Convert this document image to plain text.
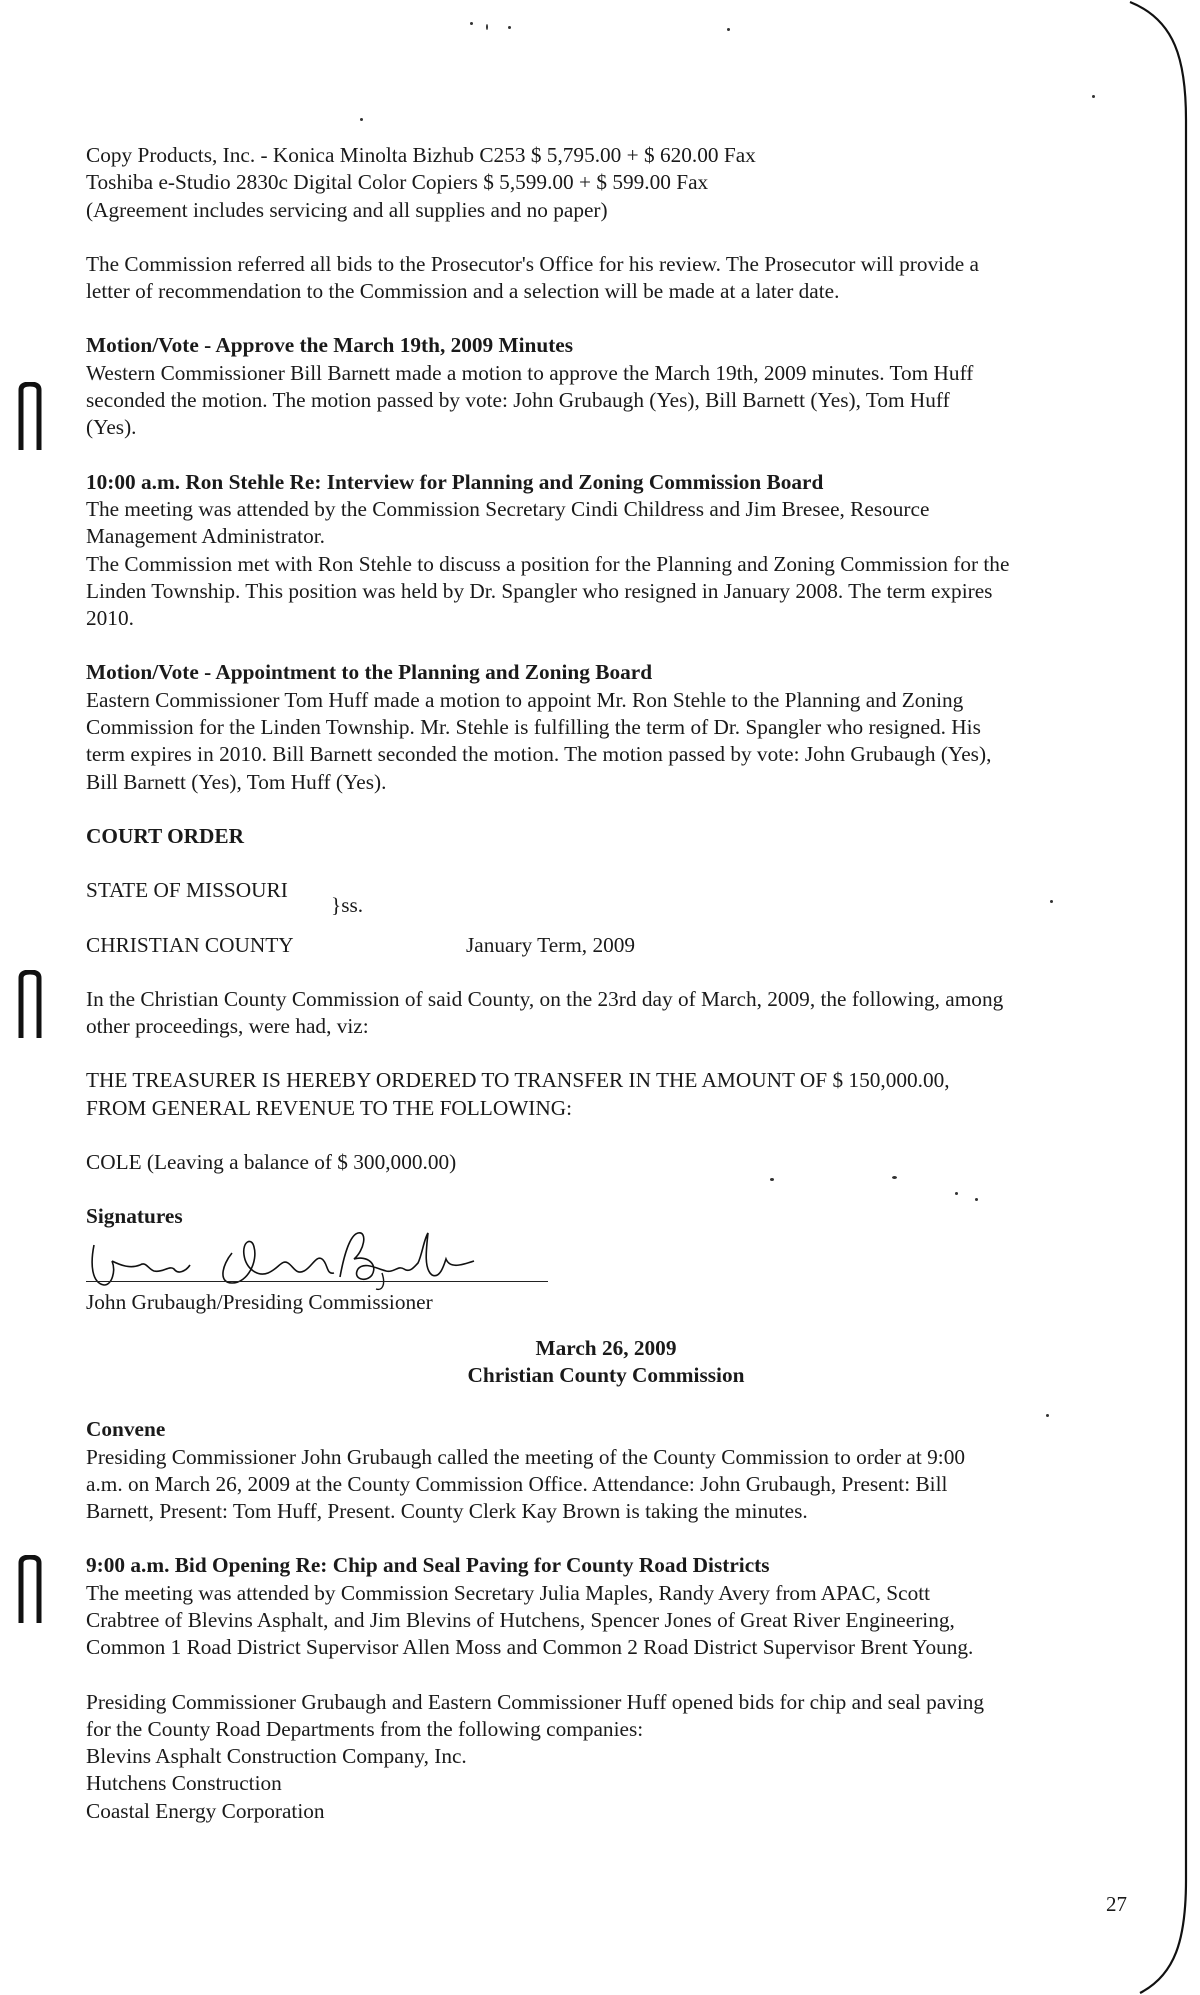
Copy Products, Inc. - Konica Minolta Bizhub C253 $ 5,795.00 + $ 620.00 Fax

Toshiba e-Studio 2830c Digital Color Copiers $ 5,599.00 + $ 599.00 Fax

(Agreement includes servicing and all supplies and no paper)

The Commission referred all bids to the Prosecutor's Office for his review. The Prosecutor will provide a

letter of recommendation to the Commission and a selection will be made at a later date.

Motion/Vote - Approve the March 19th, 2009 Minutes

Western Commissioner Bill Barnett made a motion to approve the March 19th, 2009 minutes. Tom Huff

seconded the motion. The motion passed by vote: John Grubaugh (Yes), Bill Barnett (Yes), Tom Huff

(Yes).

10:00 a.m. Ron Stehle Re: Interview for Planning and Zoning Commission Board

The meeting was attended by the Commission Secretary Cindi Childress and Jim Bresee, Resource

Management Administrator.

The Commission met with Ron Stehle to discuss a position for the Planning and Zoning Commission for the

Linden Township. This position was held by Dr. Spangler who resigned in January 2008. The term expires

2010.

Motion/Vote - Appointment to the Planning and Zoning Board

Eastern Commissioner Tom Huff made a motion to appoint Mr. Ron Stehle to the Planning and Zoning

Commission for the Linden Township. Mr. Stehle is fulfilling the term of Dr. Spangler who resigned. His

term expires in 2010. Bill Barnett seconded the motion. The motion passed by vote: John Grubaugh (Yes),

Bill Barnett (Yes), Tom Huff (Yes).

COURT ORDER

STATE OF MISSOURI

}ss.

CHRISTIAN COUNTY	January Term, 2009

In the Christian County Commission of said County, on the 23rd day of March, 2009, the following, among

other proceedings, were had, viz:

THE TREASURER IS HEREBY ORDERED TO TRANSFER IN THE AMOUNT OF $ 150,000.00,

FROM GENERAL REVENUE TO THE FOLLOWING:

COLE (Leaving a balance of $ 300,000.00)

Signatures

John Grubaugh/Presiding Commissioner

March 26, 2009

Christian County Commission

Convene

Presiding Commissioner John Grubaugh called the meeting of the County Commission to order at 9:00

a.m. on March 26, 2009 at the County Commission Office. Attendance: John Grubaugh, Present: Bill

Barnett, Present: Tom Huff, Present. County Clerk Kay Brown is taking the minutes.

9:00 a.m. Bid Opening Re: Chip and Seal Paving for County Road Districts

The meeting was attended by Commission Secretary Julia Maples, Randy Avery from APAC, Scott

Crabtree of Blevins Asphalt, and Jim Blevins of Hutchens, Spencer Jones of Great River Engineering,

Common 1 Road District Supervisor Allen Moss and Common 2 Road District Supervisor Brent Young.

Presiding Commissioner Grubaugh and Eastern Commissioner Huff opened bids for chip and seal paving

for the County Road Departments from the following companies:

Blevins Asphalt Construction Company, Inc.

Hutchens Construction

Coastal Energy Corporation

27
